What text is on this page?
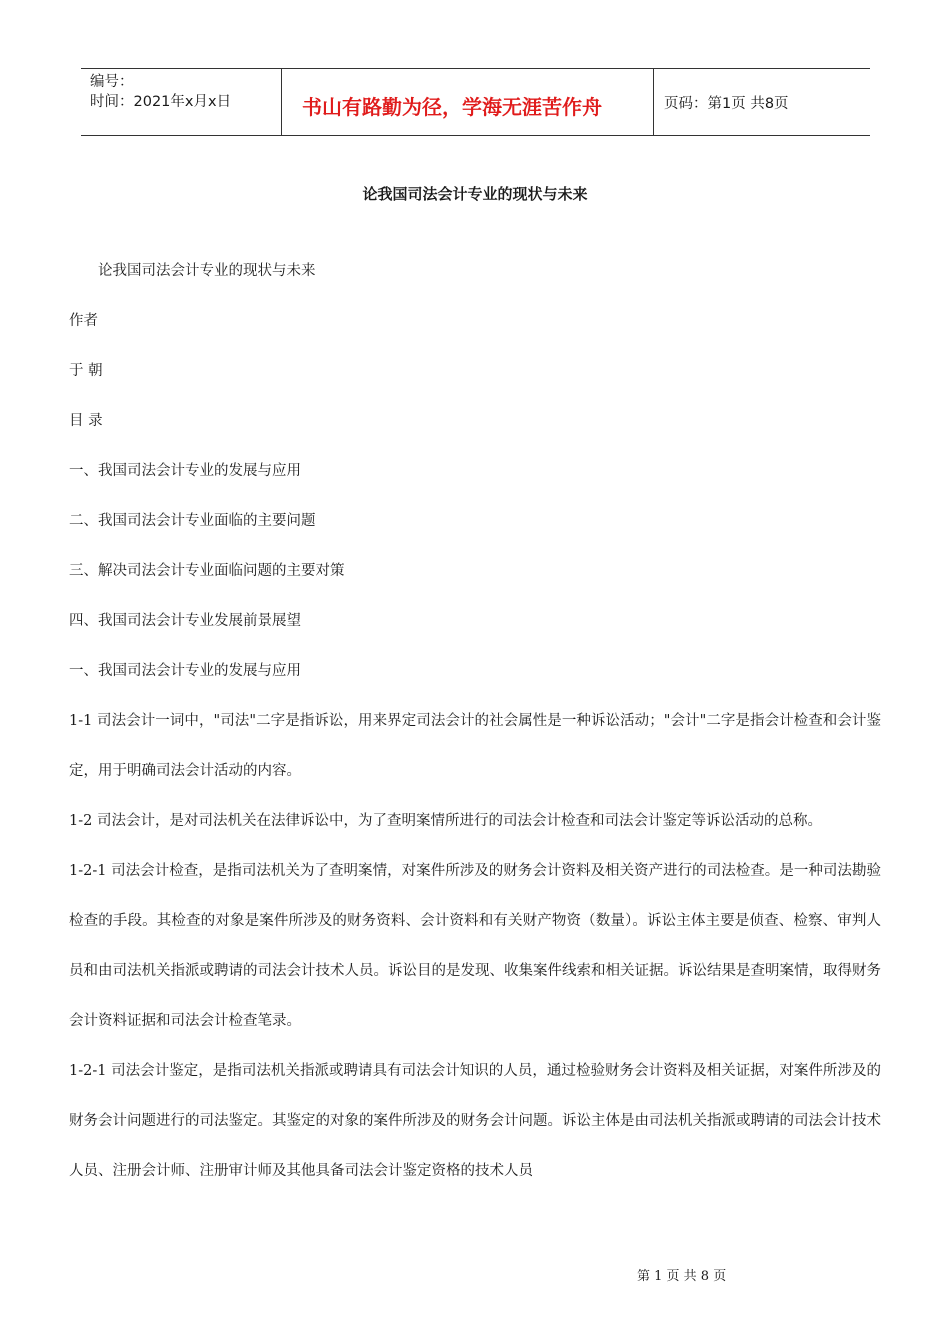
编号：
时间：2021年x月x日	书山有路勤为径，学海无涯苦作舟	页码：第1页 共8页
论我国司法会计专业的现状与未来

论我国司法会计专业的现状与未来

作者

于 朝

目 录

一、我国司法会计专业的发展与应用

二、我国司法会计专业面临的主要问题

三、解决司法会计专业面临问题的主要对策

四、我国司法会计专业发展前景展望

一、我国司法会计专业的发展与应用

1-1 司法会计一词中，"司法"二字是指诉讼，用来界定司法会计的社会属性是一种诉讼活动；"会计"二字是指会计检查和会计鉴定，用于明确司法会计活动的内容。

1-2 司法会计，是对司法机关在法律诉讼中，为了查明案情所进行的司法会计检查和司法会计鉴定等诉讼活动的总称。

1-2-1 司法会计检查，是指司法机关为了查明案情，对案件所涉及的财务会计资料及相关资产进行的司法检查。是一种司法勘验检查的手段。其检查的对象是案件所涉及的财务资料、会计资料和有关财产物资（数量）。诉讼主体主要是侦查、检察、审判人员和由司法机关指派或聘请的司法会计技术人员。诉讼目的是发现、收集案件线索和相关证据。诉讼结果是查明案情，取得财务会计资料证据和司法会计检查笔录。

1-2-1 司法会计鉴定，是指司法机关指派或聘请具有司法会计知识的人员，通过检验财务会计资料及相关证据，对案件所涉及的财务会计问题进行的司法鉴定。其鉴定的对象的案件所涉及的财务会计问题。诉讼主体是由司法机关指派或聘请的司法会计技术人员、注册会计师、注册审计师及其他具备司法会计鉴定资格的技术人员

第 1 页 共 8 页
